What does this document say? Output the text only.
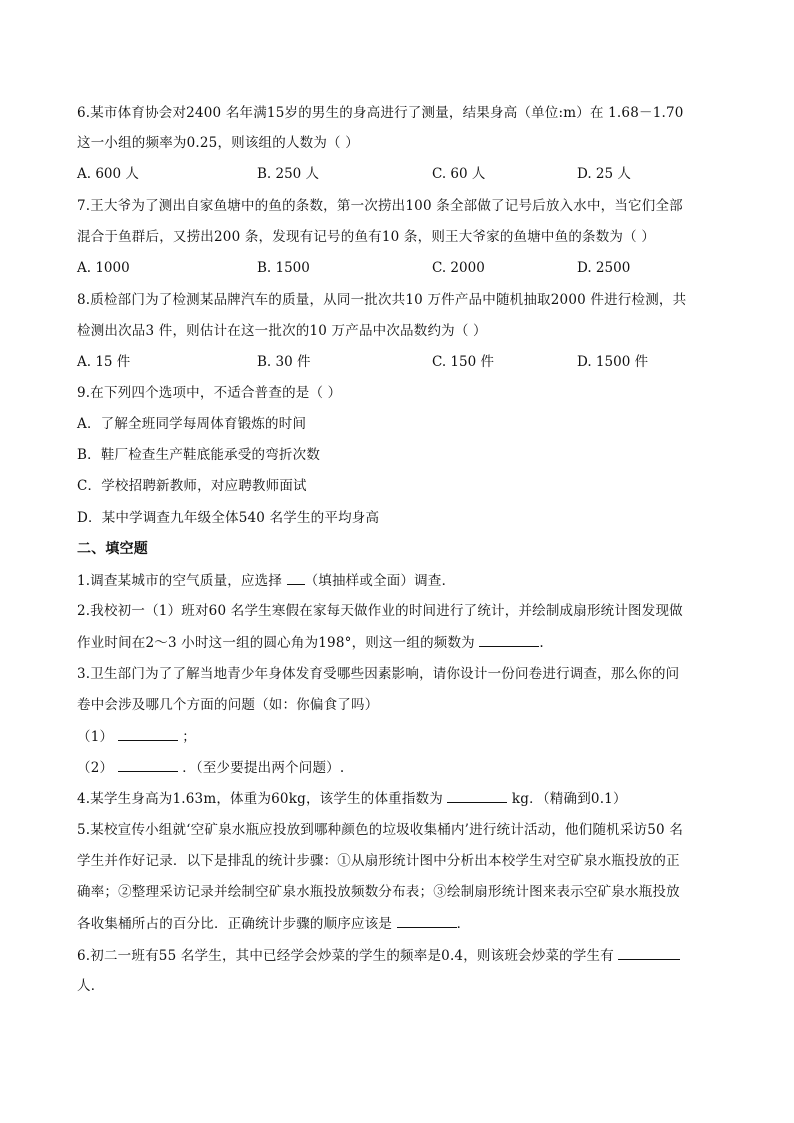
6.某市体育协会对2400 名年满15岁的男生的身高进行了测量，结果身高（单位:m）在 1.68－1.70
这一小组的频率为0.25，则该组的人数为（ ）
A. 600 人	B. 250 人	C. 60 人	D. 25 人
7.王大爷为了测出自家鱼塘中的鱼的条数，第一次捞出100 条全部做了记号后放入水中，当它们全部
混合于鱼群后，又捞出200 条，发现有记号的鱼有10 条，则王大爷家的鱼塘中鱼的条数为（ ）
A. 1000	B. 1500	C. 2000	D. 2500
8.质检部门为了检测某品牌汽车的质量，从同一批次共10 万件产品中随机抽取2000 件进行检测，共
检测出次品3 件，则估计在这一批次的10 万产品中次品数约为（ ）
A. 15 件	B. 30 件	C. 150 件	D. 1500 件
9.在下列四个选项中，不适合普查的是（ ）
A．了解全班同学每周体育锻炼的时间
B．鞋厂检查生产鞋底能承受的弯折次数
C．学校招聘新教师，对应聘教师面试
D．某中学调查九年级全体540 名学生的平均身高
二、填空题
1.调查某城市的空气质量，应选择 （填抽样或全面）调查．
2.我校初一（1）班对60 名学生寒假在家每天做作业的时间进行了统计，并绘制成扇形统计图发现做
作业时间在2～3 小时这一组的圆心角为198°，则这一组的频数为	.
3.卫生部门为了了解当地青少年身体发育受哪些因素影响，请你设计一份问卷进行调查，那么你的问
卷中会涉及哪几个方面的问题（如：你偏食了吗）
（1）	；
（2）	．（至少要提出两个问题）.
4.某学生身高为1.63m，体重为60kg，该学生的体重指数为	kg．（精确到0.1）
5.某校宣传小组就‘空矿泉水瓶应投放到哪种颜色的垃圾收集桶内’进行统计活动，他们随机采访50 名
学生并作好记录．以下是排乱的统计步骤：①从扇形统计图中分析出本校学生对空矿泉水瓶投放的正
确率；②整理采访记录并绘制空矿泉水瓶投放频数分布表；③绘制扇形统计图来表示空矿泉水瓶投放
各收集桶所占的百分比．正确统计步骤的顺序应该是	．
6.初二一班有55 名学生，其中已经学会炒菜的学生的频率是0.4，则该班会炒菜的学生有
人．
